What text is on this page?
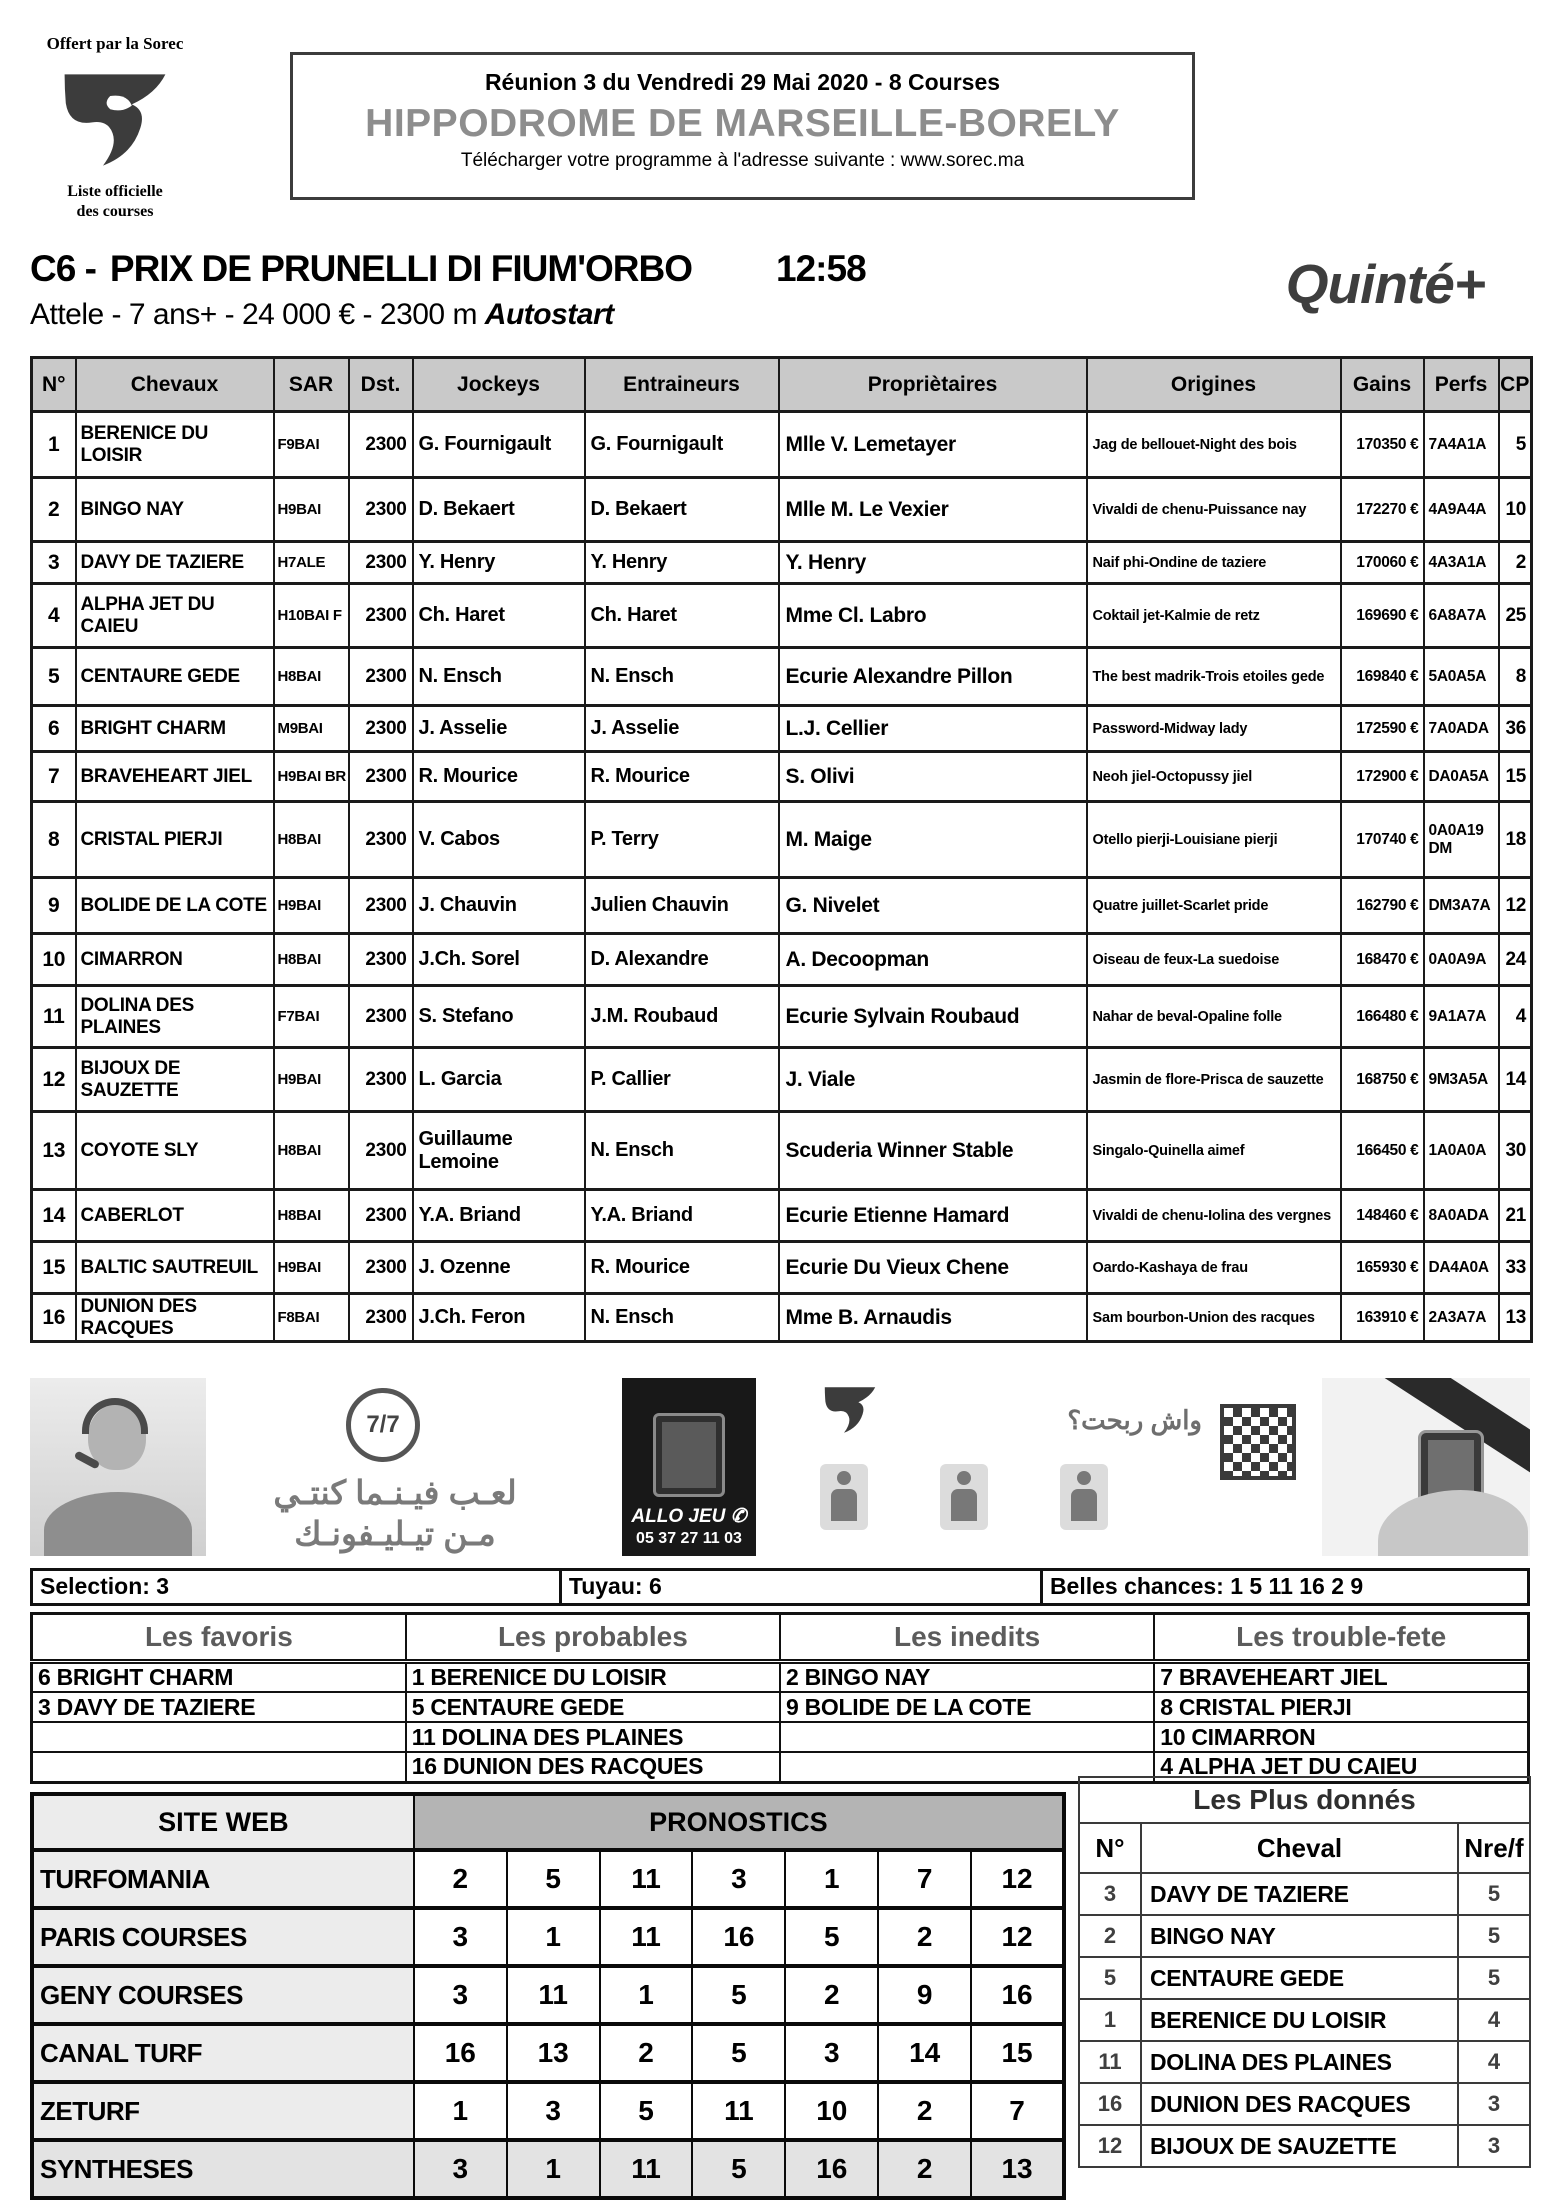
Offert par la Sorec
Liste officielle
des courses
Réunion 3 du Vendredi 29 Mai 2020 - 8 Courses
HIPPODROME DE MARSEILLE-BORELY
Télécharger votre programme à l'adresse suivante : www.sorec.ma
C6 - PRIX DE PRUNELLI DI FIUM'ORBO 12:58
Attele - 7 ans+ - 24 000 € - 2300 m Autostart	Quinté+
N°	Chevaux	SAR	Dst.	Jockeys	Entraineurs	Propriètaires	Origines	Gains	Perfs	CP
1	BERENICE DU LOISIR	F9BAI	2300	G. Fournigault	G. Fournigault	Mlle V. Lemetayer	Jag de bellouet-Night des bois	170350 €	7A4A1A	5
2	BINGO NAY	H9BAI	2300	D. Bekaert	D. Bekaert	Mlle M. Le Vexier	Vivaldi de chenu-Puissance nay	172270 €	4A9A4A	10
3	DAVY DE TAZIERE	H7ALE	2300	Y. Henry	Y. Henry	Y. Henry	Naif phi-Ondine de taziere	170060 €	4A3A1A	2
4	ALPHA JET DU CAIEU	H10BAI F	2300	Ch. Haret	Ch. Haret	Mme Cl. Labro	Coktail jet-Kalmie de retz	169690 €	6A8A7A	25
5	CENTAURE GEDE	H8BAI	2300	N. Ensch	N. Ensch	Ecurie Alexandre Pillon	The best madrik-Trois etoiles gede	169840 €	5A0A5A	8
6	BRIGHT CHARM	M9BAI	2300	J. Asselie	J. Asselie	L.J. Cellier	Password-Midway lady	172590 €	7A0ADA	36
7	BRAVEHEART JIEL	H9BAI BR	2300	R. Mourice	R. Mourice	S. Olivi	Neoh jiel-Octopussy jiel	172900 €	DA0A5A	15
8	CRISTAL PIERJI	H8BAI	2300	V. Cabos	P. Terry	M. Maige	Otello pierji-Louisiane pierji	170740 €	0A0A19 DM	18
9	BOLIDE DE LA COTE	H9BAI	2300	J. Chauvin	Julien Chauvin	G. Nivelet	Quatre juillet-Scarlet pride	162790 €	DM3A7A	12
10	CIMARRON	H8BAI	2300	J.Ch. Sorel	D. Alexandre	A. Decoopman	Oiseau de feux-La suedoise	168470 €	0A0A9A	24
11	DOLINA DES PLAINES	F7BAI	2300	S. Stefano	J.M. Roubaud	Ecurie Sylvain Roubaud	Nahar de beval-Opaline folle	166480 €	9A1A7A	4
12	BIJOUX DE SAUZETTE	H9BAI	2300	L. Garcia	P. Callier	J. Viale	Jasmin de flore-Prisca de sauzette	168750 €	9M3A5A	14
13	COYOTE SLY	H8BAI	2300	Guillaume Lemoine	N. Ensch	Scuderia Winner Stable	Singalo-Quinella aimef	166450 €	1A0A0A	30
14	CABERLOT	H8BAI	2300	Y.A. Briand	Y.A. Briand	Ecurie Etienne Hamard	Vivaldi de chenu-Iolina des vergnes	148460 €	8A0ADA	21
15	BALTIC SAUTREUIL	H9BAI	2300	J. Ozenne	R. Mourice	Ecurie Du Vieux Chene	Oardo-Kashaya de frau	165930 €	DA4A0A	33
16	DUNION DES RACQUES	F8BAI	2300	J.Ch. Feron	N. Ensch	Mme B. Arnaudis	Sam bourbon-Union des racques	163910 €	2A3A7A	13
7/7
لعـب فيـنـما كنتـي
مـن تيـليـفونـك	ALLO JEU ✆
05 37 27 11 03
واش ربحت؟
Selection: 3	Tuyau: 6	Belles chances: 1 5 11 16 2 9
Les favoris	Les probables	Les inedits	Les trouble-fete
6 BRIGHT CHARM	1 BERENICE DU LOISIR	2 BINGO NAY	7 BRAVEHEART JIEL
3 DAVY DE TAZIERE	5 CENTAURE GEDE	9 BOLIDE DE LA COTE	8 CRISTAL PIERJI
	11 DOLINA DES PLAINES		10 CIMARRON
	16 DUNION DES RACQUES		4 ALPHA JET DU CAIEU
SITE WEB	PRONOSTICS						
TURFOMANIA	2	5	11	3	1	7	12
PARIS COURSES	3	1	11	16	5	2	12
GENY COURSES	3	11	1	5	2	9	16
CANAL TURF	16	13	2	5	3	14	15
ZETURF	1	3	5	11	10	2	7
SYNTHESES	3	1	11	5	16	2	13
Les Plus donnés
N°	Cheval	Nre/f
3	DAVY DE TAZIERE	5
2	BINGO NAY	5
5	CENTAURE GEDE	5
1	BERENICE DU LOISIR	4
11	DOLINA DES PLAINES	4
16	DUNION DES RACQUES	3
12	BIJOUX DE SAUZETTE	3
